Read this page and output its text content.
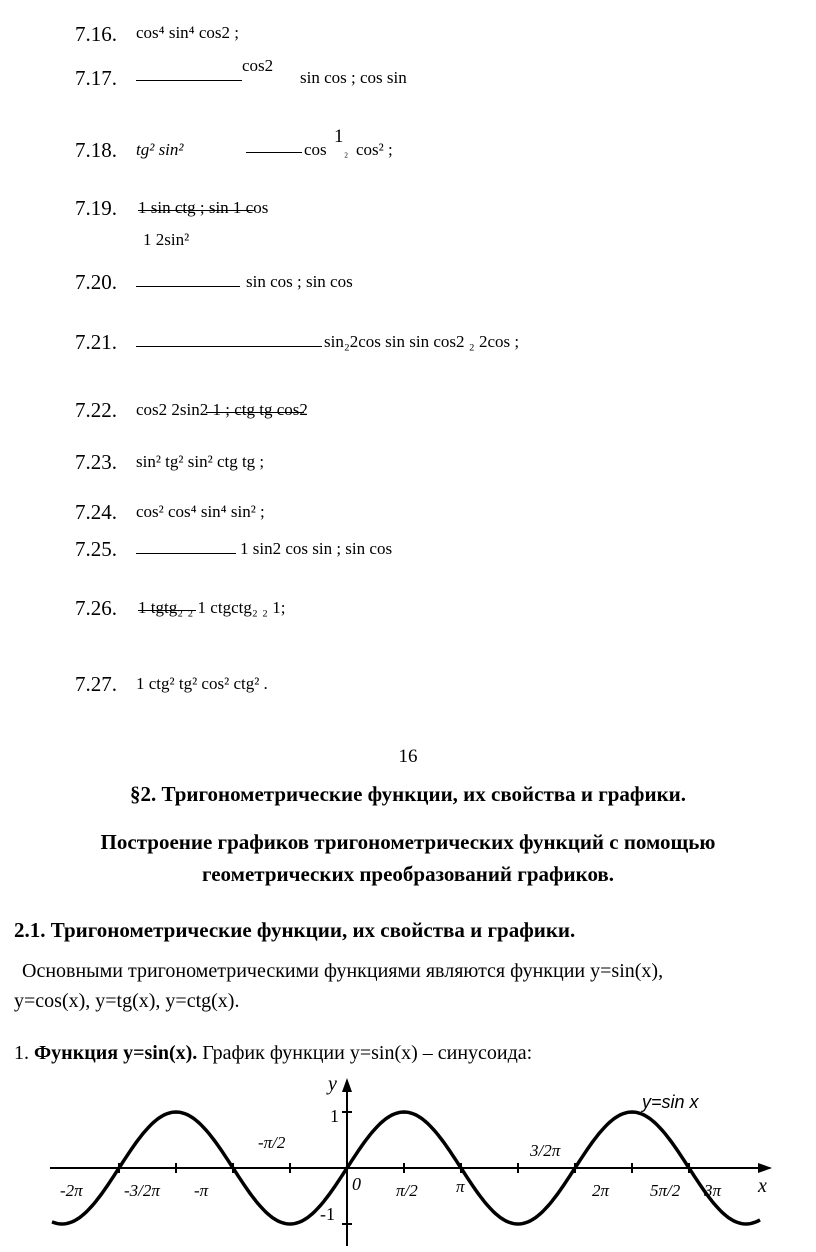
7.16. cos⁴ sin⁴ cos2 ;
7.17.
cos2
sin cos ; cos sin
7.18. tg² sin²	cos
1
₂ cos² ;
7.19. 1 sin ctg ; sin 1 cos
1 2sin²
7.20.	sin cos ; sin cos
7.21.	sin₂2cos sin sin cos2 ₂ 2cos ;
7.22. cos2 2sin2 1 ; ctg tg cos2
7.23. sin² tg² sin² ctg tg ;
7.24. cos² cos⁴ sin⁴ sin² ;
7.25.	1 sin2 cos sin ; sin cos
7.26. 1 tgtg₂ ₂ 1 ctgctg₂ ₂ 1;
7.27. 1 ctg² tg² cos² ctg² .
16
§2. Тригонометрические функции, их свойства и графики.
Построение графиков тригонометрических функций с помощью
геометрических преобразований графиков.
2.1. Тригонометрические функции, их свойства и графики.
Основными тригонометрическими функциями являются функции y=sin(x),
y=cos(x), y=tg(x), y=ctg(x).
1. Функция y=sin(x). График функции y=sin(x) – синусоида:
y
x
0
1
-1
y=sin x
-2π -3/2π -π
-π/2
π/2 π
3/2π
2π 5π/2 3π
